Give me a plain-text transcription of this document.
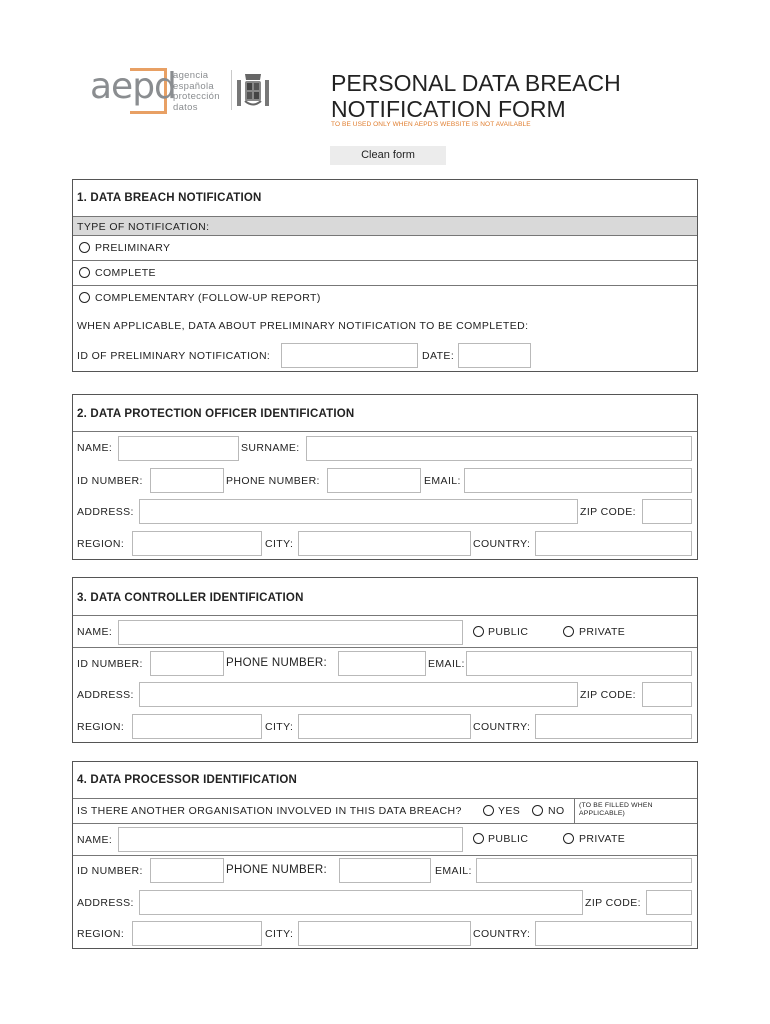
aepd
agencia
española
protección
datos
PERSONAL DATA BREACH
NOTIFICATION FORM
TO BE USED ONLY WHEN AEPD'S WEBSITE IS NOT AVAILABLE
Clean form
1. DATA BREACH NOTIFICATION
TYPE OF NOTIFICATION:
PRELIMINARY
COMPLETE
COMPLEMENTARY (FOLLOW-UP REPORT)
WHEN APPLICABLE, DATA ABOUT PRELIMINARY NOTIFICATION TO BE COMPLETED:
ID OF PRELIMINARY NOTIFICATION:	DATE:
2. DATA PROTECTION OFFICER IDENTIFICATION
NAME:	SURNAME:
ID NUMBER:	PHONE NUMBER:	EMAIL:
ADDRESS:	ZIP CODE:
REGION:	CITY:	COUNTRY:
3. DATA CONTROLLER IDENTIFICATION
NAME:	PUBLIC	PRIVATE
ID NUMBER:	PHONE NUMBER:	EMAIL:
ADDRESS:	ZIP CODE:
REGION:	CITY:	COUNTRY:
4. DATA PROCESSOR IDENTIFICATION
IS THERE ANOTHER ORGANISATION INVOLVED IN THIS DATA BREACH?	YES	NO (TO BE FILLED WHEN APPLICABLE)
NAME:	PUBLIC	PRIVATE
ID NUMBER:	PHONE NUMBER:	EMAIL:
ADDRESS:	ZIP CODE:
REGION:	CITY:	COUNTRY:
